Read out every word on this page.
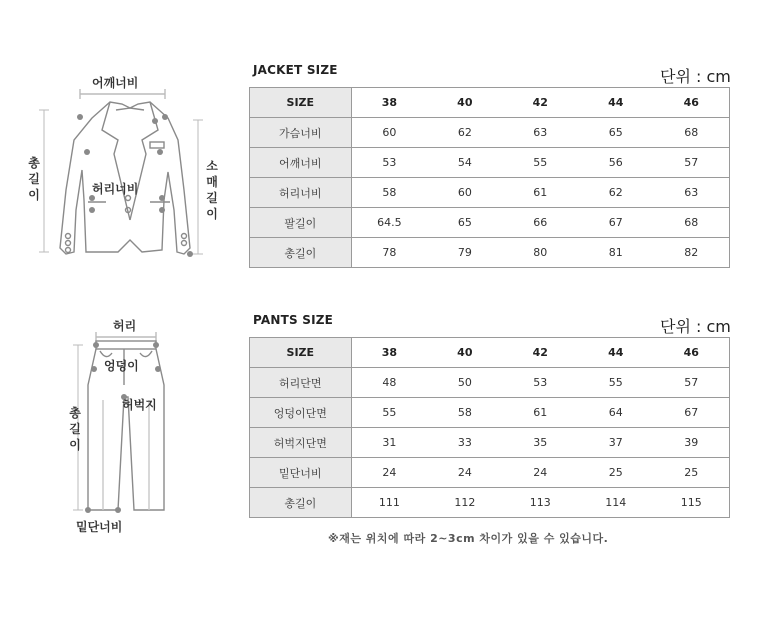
어깨너비
허리너비
총
길
이
소
매
길
이
JACKET SIZE	단위 : cm
SIZE	38	40	42	44	46
가슴너비	60	62	63	65	68
어깨너비	53	54	55	56	57
허리너비	58	60	61	62	63
팔길이	64.5	65	66	67	68
총길이	78	79	80	81	82
허리
엉덩이
허벅지
총
길
이
밑단너비
PANTS SIZE	단위 : cm
SIZE	38	40	42	44	46
허리단면	48	50	53	55	57
엉덩이단면	55	58	61	64	67
허벅지단면	31	33	35	37	39
밑단너비	24	24	24	25	25
총길이	111	112	113	114	115
※재는 위치에 따라 2~3cm 차이가 있을 수 있습니다.
